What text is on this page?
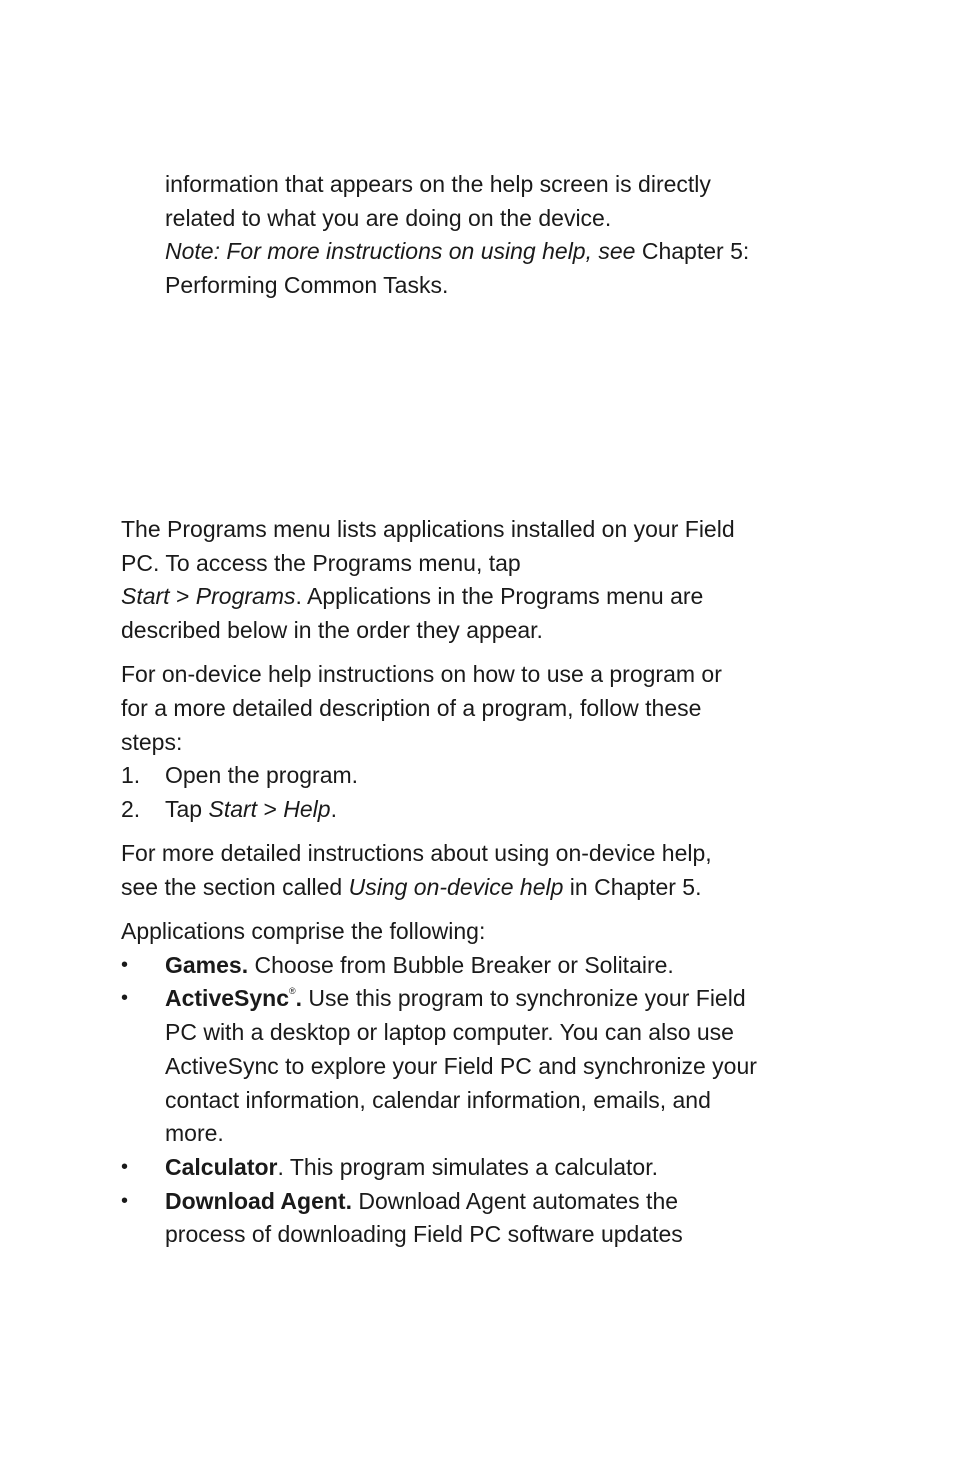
information that appears on the help screen is directly

related to what you are doing on the device.

Note: For more instructions on using help, see Chapter 5:

Performing Common Tasks.

The Programs menu lists applications installed on your Field

PC. To access the Programs menu, tap

Start > Programs. Applications in the Programs menu are

described below in the order they appear.

For on-device help instructions on how to use a program or

for a more detailed description of a program, follow these

steps:

1. Open the program.

2. Tap Start > Help.

For more detailed instructions about using on-device help,

see the section called Using on-device help in Chapter 5.

Applications comprise the following:

• Games. Choose from Bubble Breaker or Solitaire.

• ActiveSync®. Use this program to synchronize your Field

PC with a desktop or laptop computer. You can also use

ActiveSync to explore your Field PC and synchronize your

contact information, calendar information, emails, and

more.

• Calculator. This program simulates a calculator.

• Download Agent. Download Agent automates the

process of downloading Field PC software updates
